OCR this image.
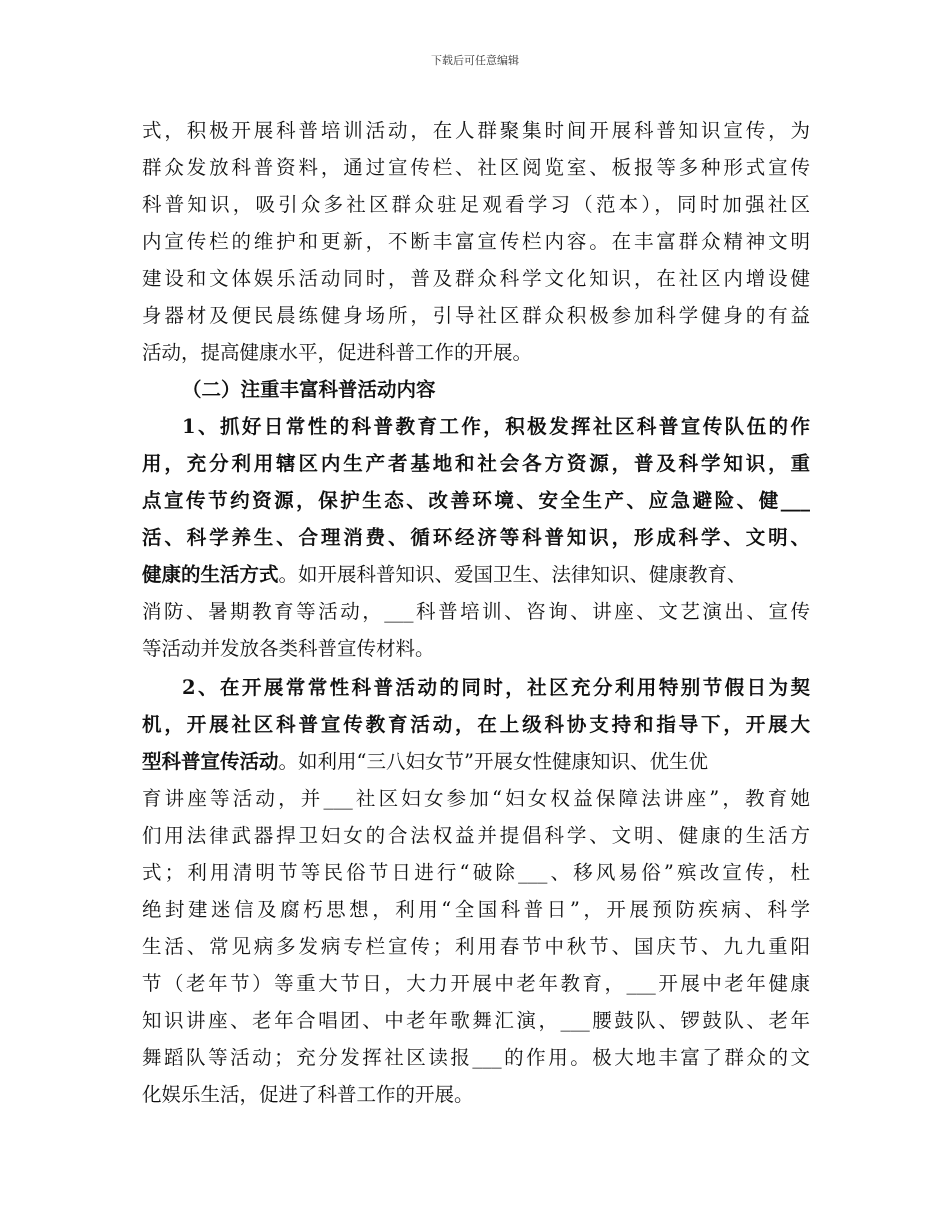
下载后可任意编辑
式，积极开展科普培训活动，在人群聚集时间开展科普知识宣传，为
群众发放科普资料，通过宣传栏、社区阅览室、板报等多种形式宣传
科普知识，吸引众多社区群众驻足观看学习（范本），同时加强社区
内宣传栏的维护和更新，不断丰富宣传栏内容。在丰富群众精神文明
建设和文体娱乐活动同时，普及群众科学文化知识，在社区内增设健
身器材及便民晨练健身场所，引导社区群众积极参加科学健身的有益
活动，提高健康水平，促进科普工作的开展。
（二）注重丰富科普活动内容
1、抓好日常性的科普教育工作，积极发挥社区科普宣传队伍的作
用，充分利用辖区内生产者基地和社会各方资源，普及科学知识，重
点宣传节约资源，保护生态、改善环境、安全生产、应急避险、健___
活、科学养生、合理消费、循环经济等科普知识，形成科学、文明、
健康的生活方式。如开展科普知识、爱国卫生、法律知识、健康教育、
消防、暑期教育等活动，___科普培训、咨询、讲座、文艺演出、宣传
等活动并发放各类科普宣传材料。
2、在开展常常性科普活动的同时，社区充分利用特别节假日为契
机，开展社区科普宣传教育活动，在上级科协支持和指导下，开展大
型科普宣传活动。如利用“三八妇女节”开展女性健康知识、优生优
育讲座等活动，并___社区妇女参加“妇女权益保障法讲座”，教育她
们用法律武器捍卫妇女的合法权益并提倡科学、文明、健康的生活方
式；利用清明节等民俗节日进行“破除___、移风易俗”殡改宣传，杜
绝封建迷信及腐朽思想，利用“全国科普日”，开展预防疾病、科学
生活、常见病多发病专栏宣传；利用春节中秋节、国庆节、九九重阳
节（老年节）等重大节日，大力开展中老年教育，___开展中老年健康
知识讲座、老年合唱团、中老年歌舞汇演，___腰鼓队、锣鼓队、老年
舞蹈队等活动；充分发挥社区读报___的作用。极大地丰富了群众的文
化娱乐生活，促进了科普工作的开展。
